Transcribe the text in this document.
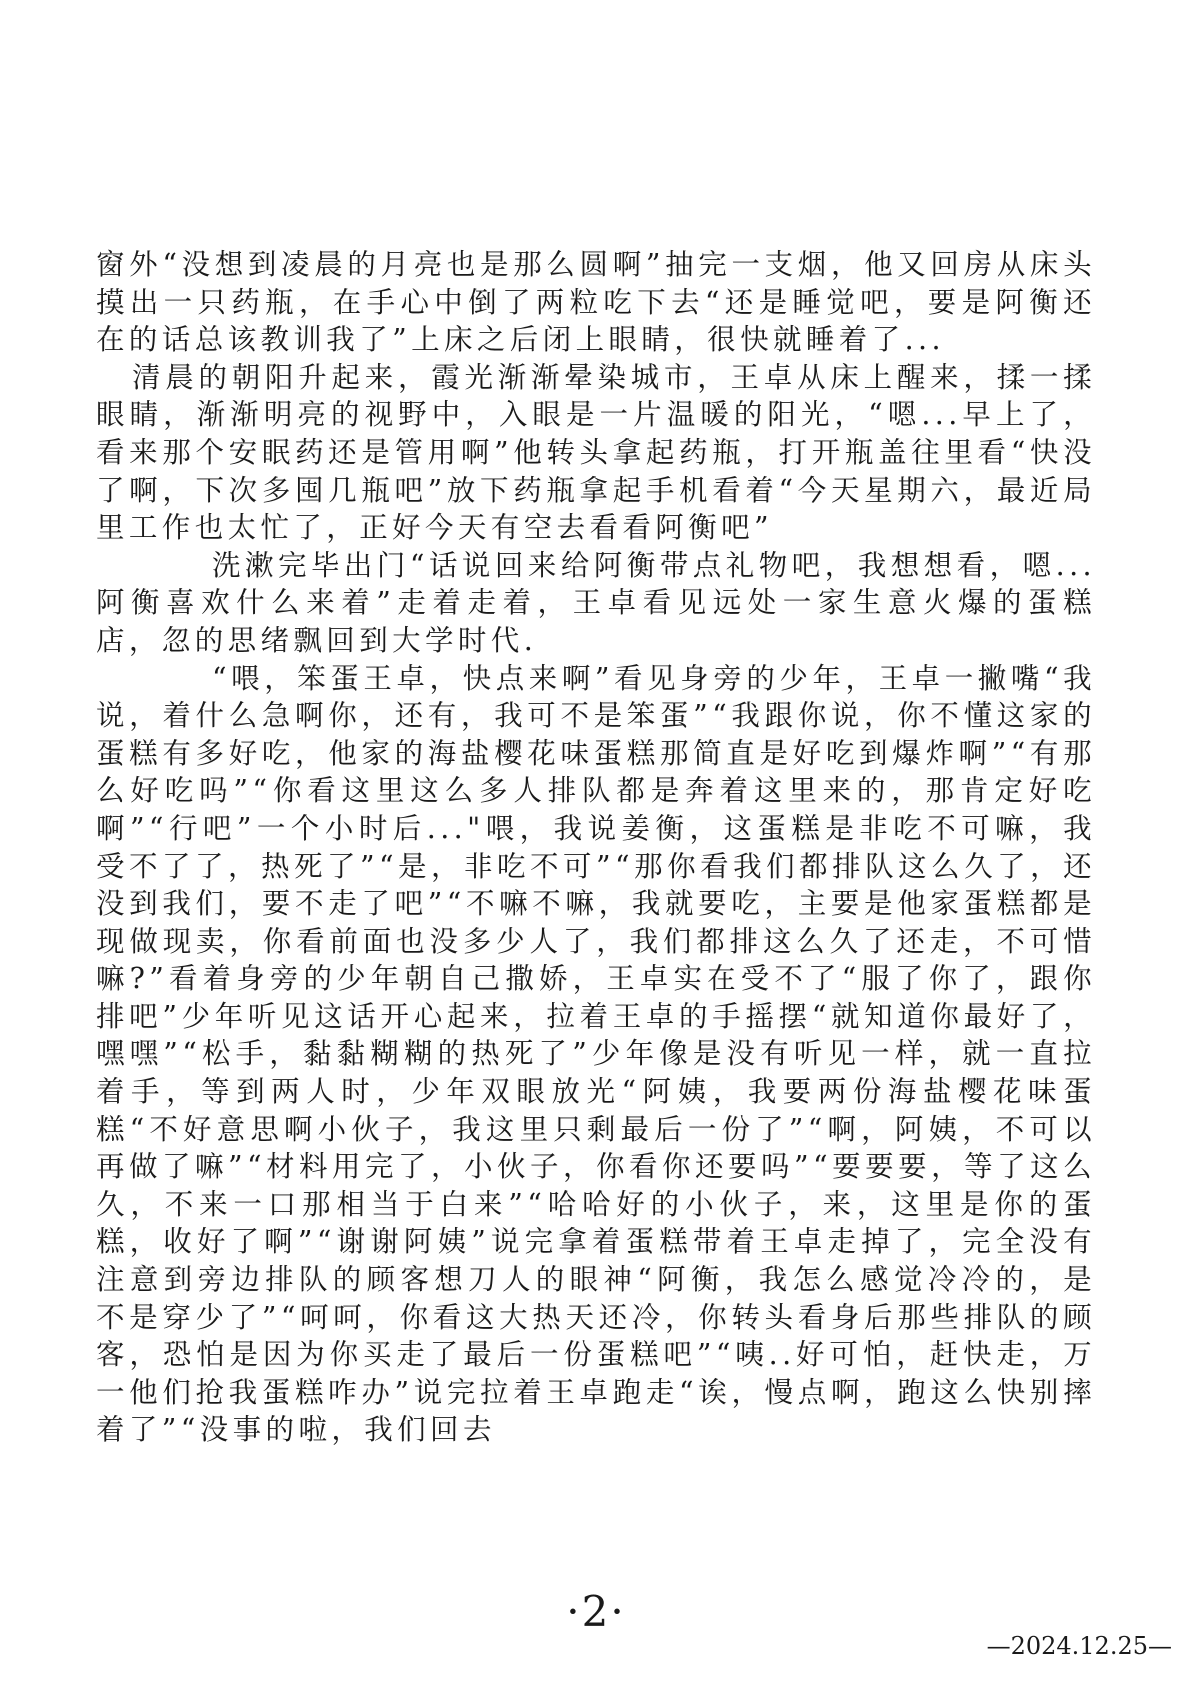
窗外“没想到凌晨的月亮也是那么圆啊”抽完一支烟，他又回房从床头摸出一只药瓶，在手心中倒了两粒吃下去“还是睡觉吧，要是阿衡还在的话总该教训我了”上床之后闭上眼睛，很快就睡着了...

清晨的朝阳升起来，霞光渐渐晕染城市，王卓从床上醒来，揉一揉眼睛，渐渐明亮的视野中，入眼是一片温暖的阳光，“嗯...早上了，看来那个安眠药还是管用啊”他转头拿起药瓶，打开瓶盖往里看“快没了啊，下次多囤几瓶吧”放下药瓶拿起手机看着“今天星期六，最近局里工作也太忙了，正好今天有空去看看阿衡吧”

洗漱完毕出门“话说回来给阿衡带点礼物吧，我想想看，嗯...阿衡喜欢什么来着”走着走着，王卓看见远处一家生意火爆的蛋糕店，忽的思绪飘回到大学时代.

“喂，笨蛋王卓，快点来啊”看见身旁的少年，王卓一撇嘴“我说，着什么急啊你，还有，我可不是笨蛋”“我跟你说，你不懂这家的蛋糕有多好吃，他家的海盐樱花味蛋糕那简直是好吃到爆炸啊”“有那么好吃吗”“你看这里这么多人排队都是奔着这里来的，那肯定好吃啊”“行吧”一个小时后..."喂，我说姜衡，这蛋糕是非吃不可嘛，我受不了了，热死了”“是，非吃不可”“那你看我们都排队这么久了，还没到我们，要不走了吧”“不嘛不嘛，我就要吃，主要是他家蛋糕都是现做现卖，你看前面也没多少人了，我们都排这么久了还走，不可惜嘛?”看着身旁的少年朝自己撒娇，王卓实在受不了“服了你了，跟你排吧”少年听见这话开心起来，拉着王卓的手摇摆“就知道你最好了，嘿嘿”“松手，黏黏糊糊的热死了”少年像是没有听见一样，就一直拉着手，等到两人时，少年双眼放光“阿姨，我要两份海盐樱花味蛋糕“不好意思啊小伙子，我这里只剩最后一份了”“啊，阿姨，不可以再做了嘛”“材料用完了，小伙子，你看你还要吗”“要要要，等了这么久，不来一口那相当于白来”“哈哈好的小伙子，来，这里是你的蛋糕，收好了啊”“谢谢阿姨”说完拿着蛋糕带着王卓走掉了，完全没有注意到旁边排队的顾客想刀人的眼神“阿衡，我怎么感觉冷冷的，是不是穿少了”“呵呵，你看这大热天还冷，你转头看身后那些排队的顾客，恐怕是因为你买走了最后一份蛋糕吧”“咦..好可怕，赶快走，万一他们抢我蛋糕咋办”说完拉着王卓跑走“诶，慢点啊，跑这么快别摔着了”“没事的啦，我们回去

·2·
—2024.12.25—
